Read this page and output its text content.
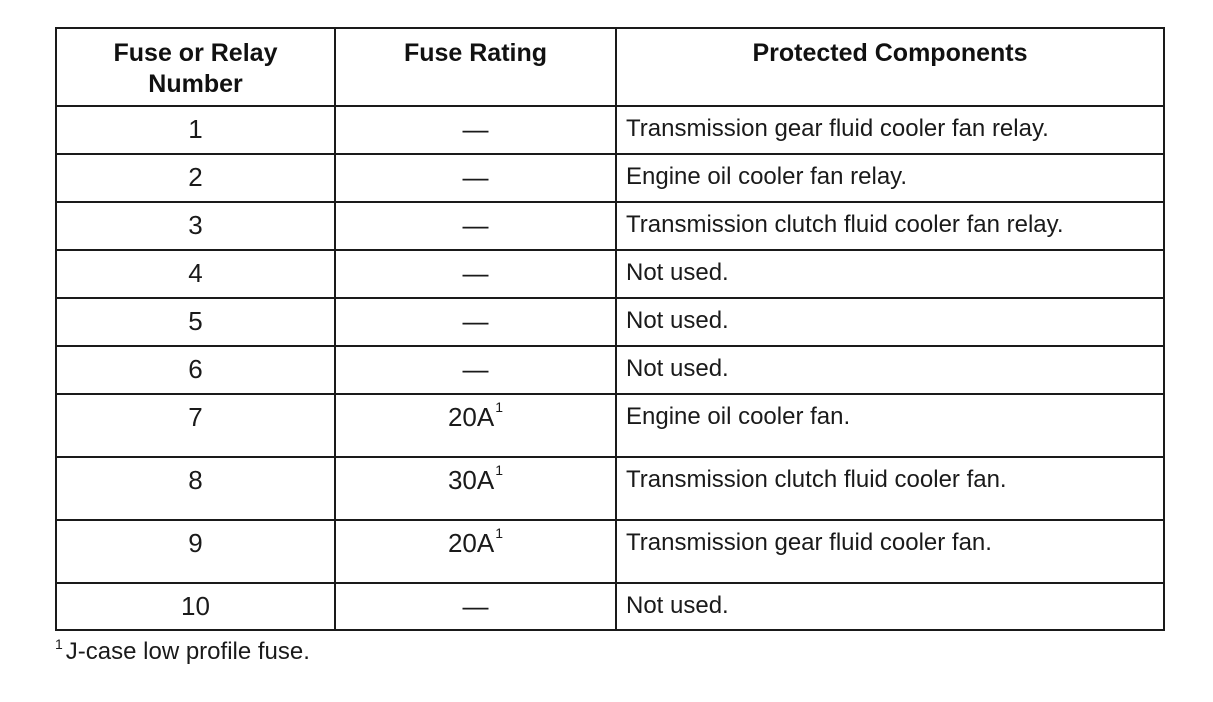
Fuse or Relay Number	Fuse Rating	Protected Components
1	—	Transmission gear fluid cooler fan relay.
2	—	Engine oil cooler fan relay.
3	—	Transmission clutch fluid cooler fan relay.
4	—	Not used.
5	—	Not used.
6	—	Not used.
7	$20A^1$	Engine oil cooler fan.
8	$30A^1$	Transmission clutch fluid cooler fan.
9	$20A^1$	Transmission gear fluid cooler fan.
10	—	Not used.
$^1$ J-case low profile fuse.
